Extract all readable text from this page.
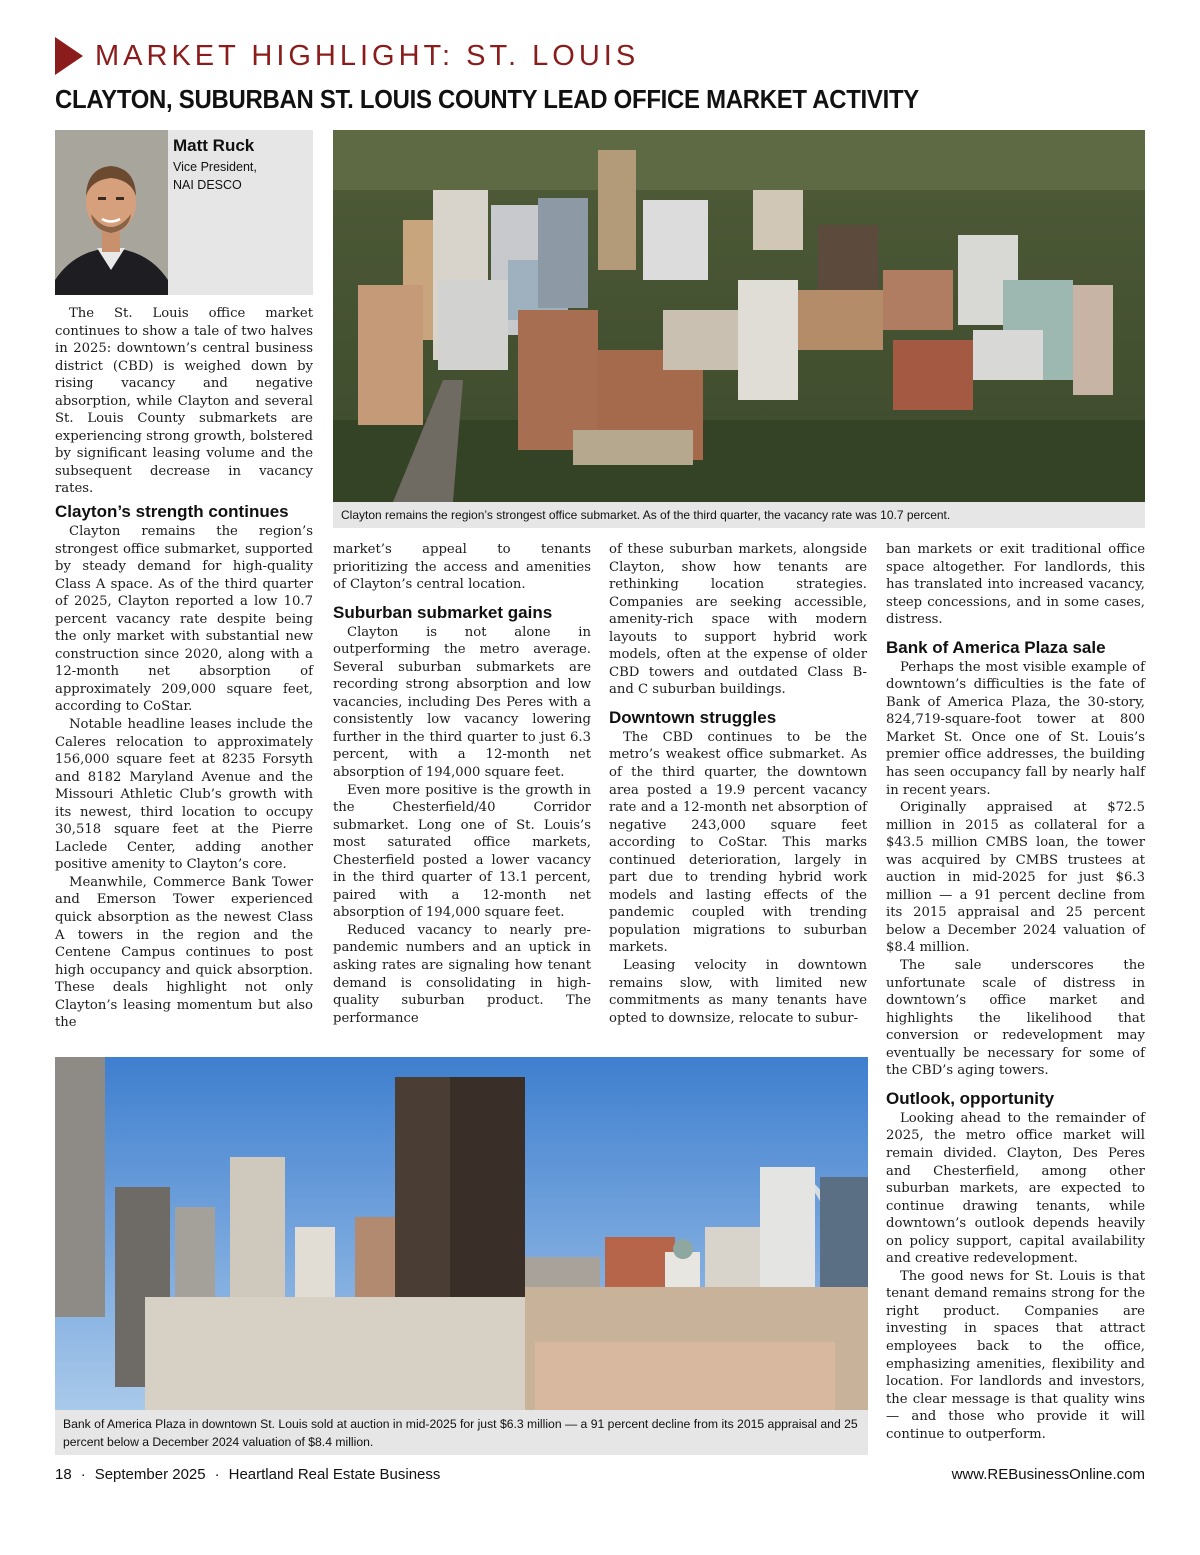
MARKET HIGHLIGHT: ST. LOUIS
CLAYTON, SUBURBAN ST. LOUIS COUNTY LEAD OFFICE MARKET ACTIVITY
Matt Ruck
Vice President,
NAI DESCO
Clayton remains the region’s strongest office submarket. As of the third quarter, the vacancy rate was 10.7 percent.

The St. Louis office market continues to show a tale of two halves in 2025: downtown’s central business district (CBD) is weighed down by rising vacancy and negative absorption, while Clayton and several St. Louis County submarkets are experiencing strong growth, bolstered by significant leasing volume and the subsequent decrease in vacancy rates.

Clayton’s strength continues

Clayton remains the region’s strongest office submarket, supported by steady demand for high-quality Class A space. As of the third quarter of 2025, Clayton reported a low 10.7 percent vacancy rate despite being the only market with substantial new construction since 2020, along with a 12-month net absorption of approximately 209,000 square feet, according to CoStar.

Notable headline leases include the Caleres relocation to approximately 156,000 square feet at 8235 Forsyth and 8182 Maryland Avenue and the Missouri Athletic Club’s growth with its newest, third location to occupy 30,518 square feet at the Pierre Laclede Center, adding another positive amenity to Clayton’s core.

Meanwhile, Commerce Bank Tower and Emerson Tower experienced quick absorption as the newest Class A towers in the region and the Centene Campus continues to post high occupancy and quick absorption. These deals highlight not only Clayton’s leasing momentum but also the

market’s appeal to tenants prioritizing the access and amenities of Clayton’s central location.

Suburban submarket gains

Clayton is not alone in outperforming the metro average. Several suburban submarkets are recording strong absorption and low vacancies, including Des Peres with a consistently low vacancy lowering further in the third quarter to just 6.3 percent, with a 12-month net absorption of 194,000 square feet.

Even more positive is the growth in the Chesterfield/40 Corridor submarket. Long one of St. Louis’s most saturated office markets, Chesterfield posted a lower vacancy in the third quarter of 13.1 percent, paired with a 12-month net absorption of 194,000 square feet.

Reduced vacancy to nearly pre-pandemic numbers and an uptick in asking rates are signaling how tenant demand is consolidating in high-quality suburban product. The performance

of these suburban markets, alongside Clayton, show how tenants are rethinking location strategies. Companies are seeking accessible, amenity-rich space with modern layouts to support hybrid work models, often at the expense of older CBD towers and outdated Class B- and C suburban buildings.

Downtown struggles

The CBD continues to be the metro’s weakest office submarket. As of the third quarter, the downtown area posted a 19.9 percent vacancy rate and a 12-month net absorption of negative 243,000 square feet according to CoStar. This marks continued deterioration, largely in part due to trending hybrid work models and lasting effects of the pandemic coupled with trending population migrations to suburban markets.

Leasing velocity in downtown remains slow, with limited new commitments as many tenants have opted to downsize, relocate to subur-

ban markets or exit traditional office space altogether. For landlords, this has translated into increased vacancy, steep concessions, and in some cases, distress.

Bank of America Plaza sale

Perhaps the most visible example of downtown’s difficulties is the fate of Bank of America Plaza, the 30-story, 824,719-square-foot tower at 800 Market St. Once one of St. Louis’s premier office addresses, the building has seen occupancy fall by nearly half in recent years.

Originally appraised at $72.5 million in 2015 as collateral for a $43.5 million CMBS loan, the tower was acquired by CMBS trustees at auction in mid-2025 for just $6.3 million — a 91 percent decline from its 2015 appraisal and 25 percent below a December 2024 valuation of $8.4 million.

The sale underscores the unfortunate scale of distress in downtown’s office market and highlights the likelihood that conversion or redevelopment may eventually be necessary for some of the CBD’s aging towers.

Outlook, opportunity

Looking ahead to the remainder of 2025, the metro office market will remain divided. Clayton, Des Peres and Chesterfield, among other suburban markets, are expected to continue drawing tenants, while downtown’s outlook depends heavily on policy support, capital availability and creative redevelopment.

The good news for St. Louis is that tenant demand remains strong for the right product. Companies are investing in spaces that attract employees back to the office, emphasizing amenities, flexibility and location. For landlords and investors, the clear message is that quality wins — and those who provide it will continue to outperform.

Bank of America Plaza in downtown St. Louis sold at auction in mid-2025 for just $6.3 million — a 91 percent decline from its 2015 appraisal and 25 percent below a December 2024 valuation of $8.4 million.
18 · September 2025 · Heartland Real Estate Business	www.REBusinessOnline.com
